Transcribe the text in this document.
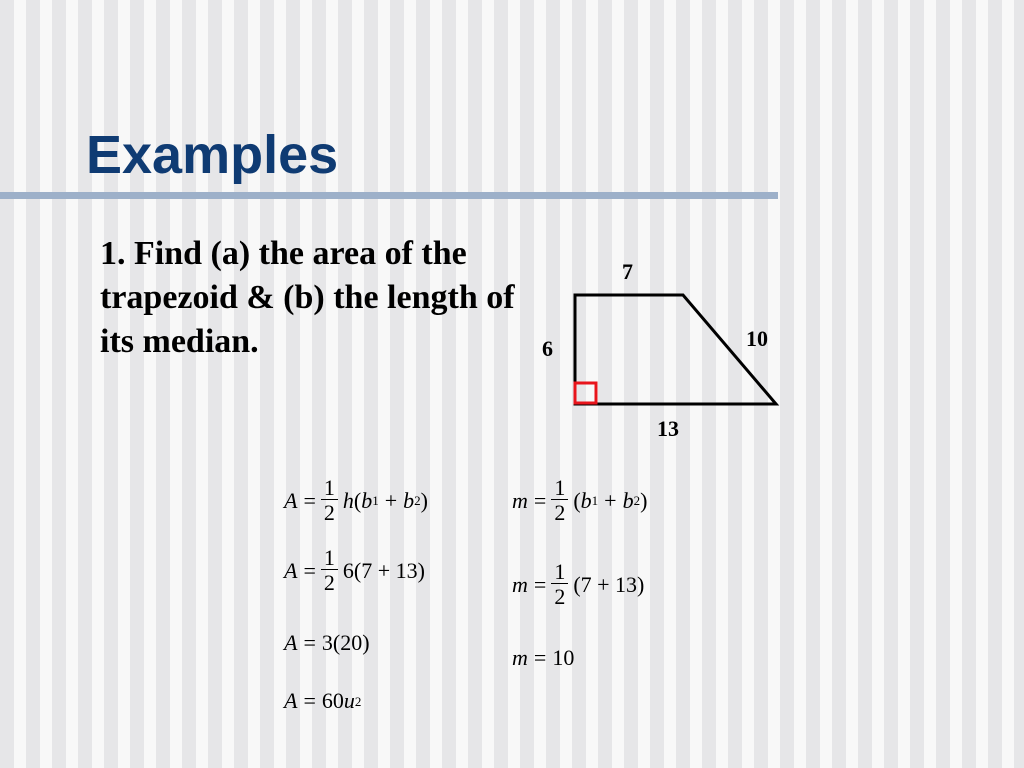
Examples

1. Find (a) the area of the trapezoid & (b) the length of its median.

7
6	10
13
$A = \frac{1}{2}$ h ( b 1 + b 2 )
$A = \frac{1}{2} 6(7 + 13)$
A = 3(20)
A = 60 u 2
$m = \frac{1}{2}$ ( b 1 + b 2 )
$m = \frac{1}{2} (7 + 13)$
m = 10
